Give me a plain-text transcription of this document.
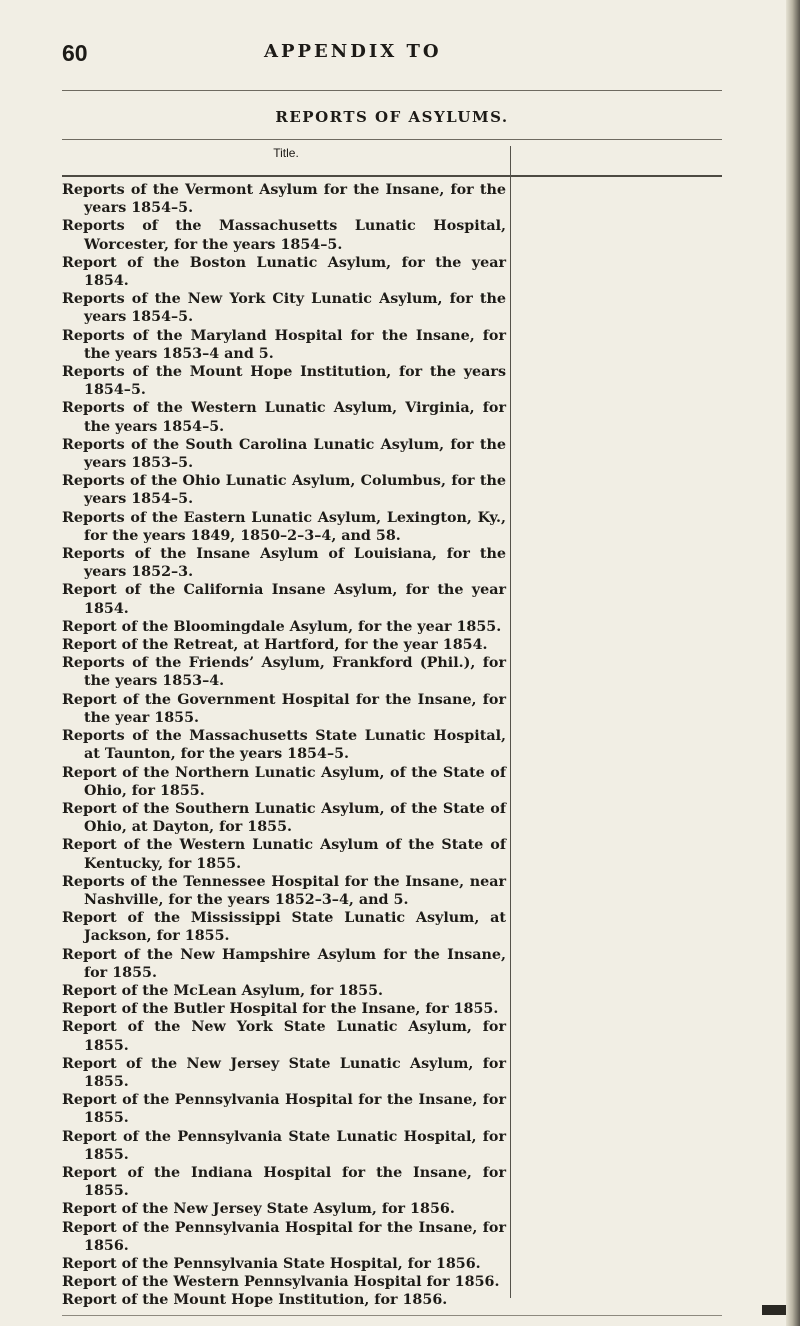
60	APPENDIX TO
REPORTS OF ASYLUMS.
Title.
Reports of the Vermont Asylum for the Insane, for the years 1854–5.
Reports of the Massachusetts Lunatic Hospital, Worcester, for the years 1854–5.
Report of the Boston Lunatic Asylum, for the year 1854.
Reports of the New York City Lunatic Asylum, for the years 1854–5.
Reports of the Maryland Hospital for the Insane, for the years 1853–4 and 5.
Reports of the Mount Hope Institution, for the years 1854–5.
Reports of the Western Lunatic Asylum, Virginia, for the years 1854–5.
Reports of the South Carolina Lunatic Asylum, for the years 1853–5.
Reports of the Ohio Lunatic Asylum, Columbus, for the years 1854–5.
Reports of the Eastern Lunatic Asylum, Lexington, Ky., for the years 1849, 1850–2–3–4, and 58.
Reports of the Insane Asylum of Louisiana, for the years 1852–3.
Report of the California Insane Asylum, for the year 1854.
Report of the Bloomingdale Asylum, for the year 1855.
Report of the Retreat, at Hartford, for the year 1854.
Reports of the Friends’ Asylum, Frankford (Phil.), for the years 1853–4.
Report of the Government Hospital for the Insane, for the year 1855.
Reports of the Massachusetts State Lunatic Hospital, at Taunton, for the years 1854–5.
Report of the Northern Lunatic Asylum, of the State of Ohio, for 1855.
Report of the Southern Lunatic Asylum, of the State of Ohio, at Dayton, for 1855.
Report of the Western Lunatic Asylum of the State of Kentucky, for 1855.
Reports of the Tennessee Hospital for the Insane, near Nashville, for the years 1852–3–4, and 5.
Report of the Mississippi State Lunatic Asylum, at Jackson, for 1855.
Report of the New Hampshire Asylum for the Insane, for 1855.
Report of the McLean Asylum, for 1855.
Report of the Butler Hospital for the Insane, for 1855.
Report of the New York State Lunatic Asylum, for 1855.
Report of the New Jersey State Lunatic Asylum, for 1855.
Report of the Pennsylvania Hospital for the Insane, for 1855.
Report of the Pennsylvania State Lunatic Hospital, for 1855.
Report of the Indiana Hospital for the Insane, for 1855.
Report of the New Jersey State Asylum, for 1856.
Report of the Pennsylvania Hospital for the Insane, for 1856.
Report of the Pennsylvania State Hospital, for 1856.
Report of the Western Pennsylvania Hospital for 1856.
Report of the Mount Hope Institution, for 1856.
